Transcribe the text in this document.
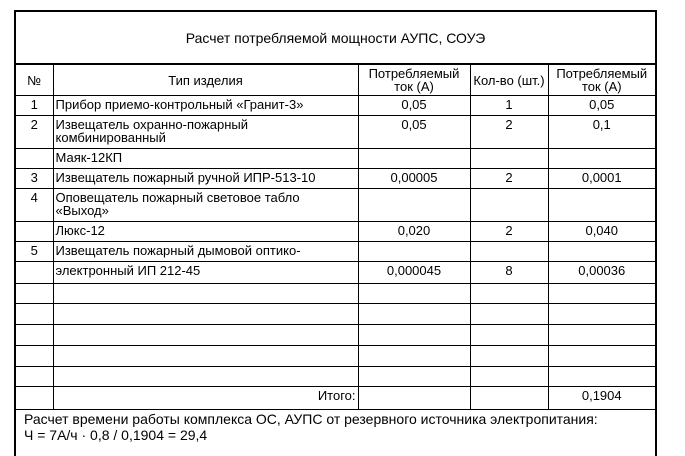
Расчет потребляемой мощности АУПС, СОУЭ
№	Тип изделия	Потребляемый ток (А)	Кол-во (шт.)	Потребляемый ток (А)
1	Прибор приемо-контрольный «Гранит-3»	0,05	1	0,05
2	Извещатель охранно-пожарный комбинированный	0,05	2	0,1
	Маяк-12КП			
3	Извещатель пожарный ручной ИПР-513-10	0,00005	2	0,0001
4	Оповещатель пожарный световое табло «Выход»			
	Люкс-12	0,020	2	0,040
5	Извещатель пожарный дымовой оптико-			
	электронный ИП 212-45	0,000045	8	0,00036

	Итого:			0,1904
Расчет времени работы комплекса ОС, АУПС от резервного источника электропитания:
Ч = 7А/ч · 0,8 / 0,1904 = 29,4
